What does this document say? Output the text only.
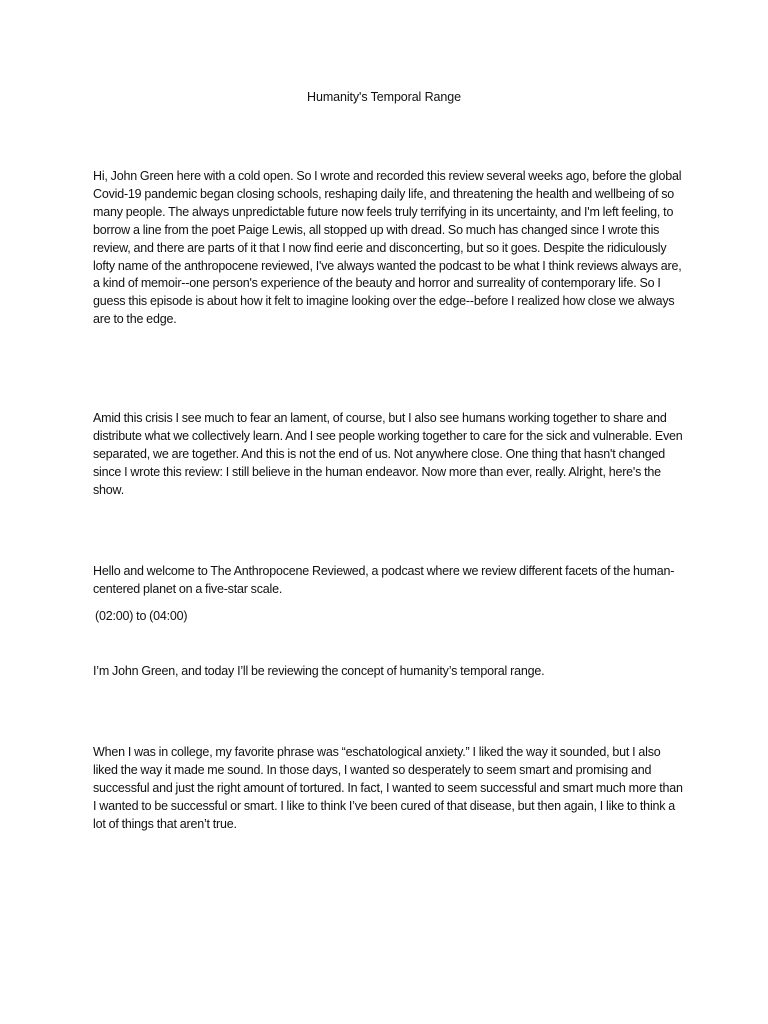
Humanity's Temporal Range

Hi, John Green here with a cold open. So I wrote and recorded this review several weeks ago, before the global Covid-19 pandemic began closing schools, reshaping daily life, and threatening the health and wellbeing of so many people. The always unpredictable future now feels truly terrifying in its uncertainty, and I'm left feeling, to borrow a line from the poet Paige Lewis, all stopped up with dread. So much has changed since I wrote this review, and there are parts of it that I now find eerie and disconcerting, but so it goes. Despite the ridiculously lofty name of the anthropocene reviewed, I've always wanted the podcast to be what I think reviews always are, a kind of memoir--one person's experience of the beauty and horror and surreality of contemporary life. So I guess this episode is about how it felt to imagine looking over the edge--before I realized how close we always are to the edge.

Amid this crisis I see much to fear an lament, of course, but I also see humans working together to share and distribute what we collectively learn. And I see people working together to care for the sick and vulnerable. Even separated, we are together. And this is not the end of us. Not anywhere close. One thing that hasn't changed since I wrote this review: I still believe in the human endeavor. Now more than ever, really. Alright, here's the show.

Hello and welcome to The Anthropocene Reviewed, a podcast where we review different facets of the human-centered planet on a five-star scale.

(02:00) to (04:00)

I’m John Green, and today I’ll be reviewing the concept of humanity’s temporal range.

When I was in college, my favorite phrase was “eschatological anxiety.” I liked the way it sounded, but I also liked the way it made me sound. In those days, I wanted so desperately to seem smart and promising and successful and just the right amount of tortured. In fact, I wanted to seem successful and smart much more than I wanted to be successful or smart. I like to think I’ve been cured of that disease, but then again, I like to think a lot of things that aren’t true.
